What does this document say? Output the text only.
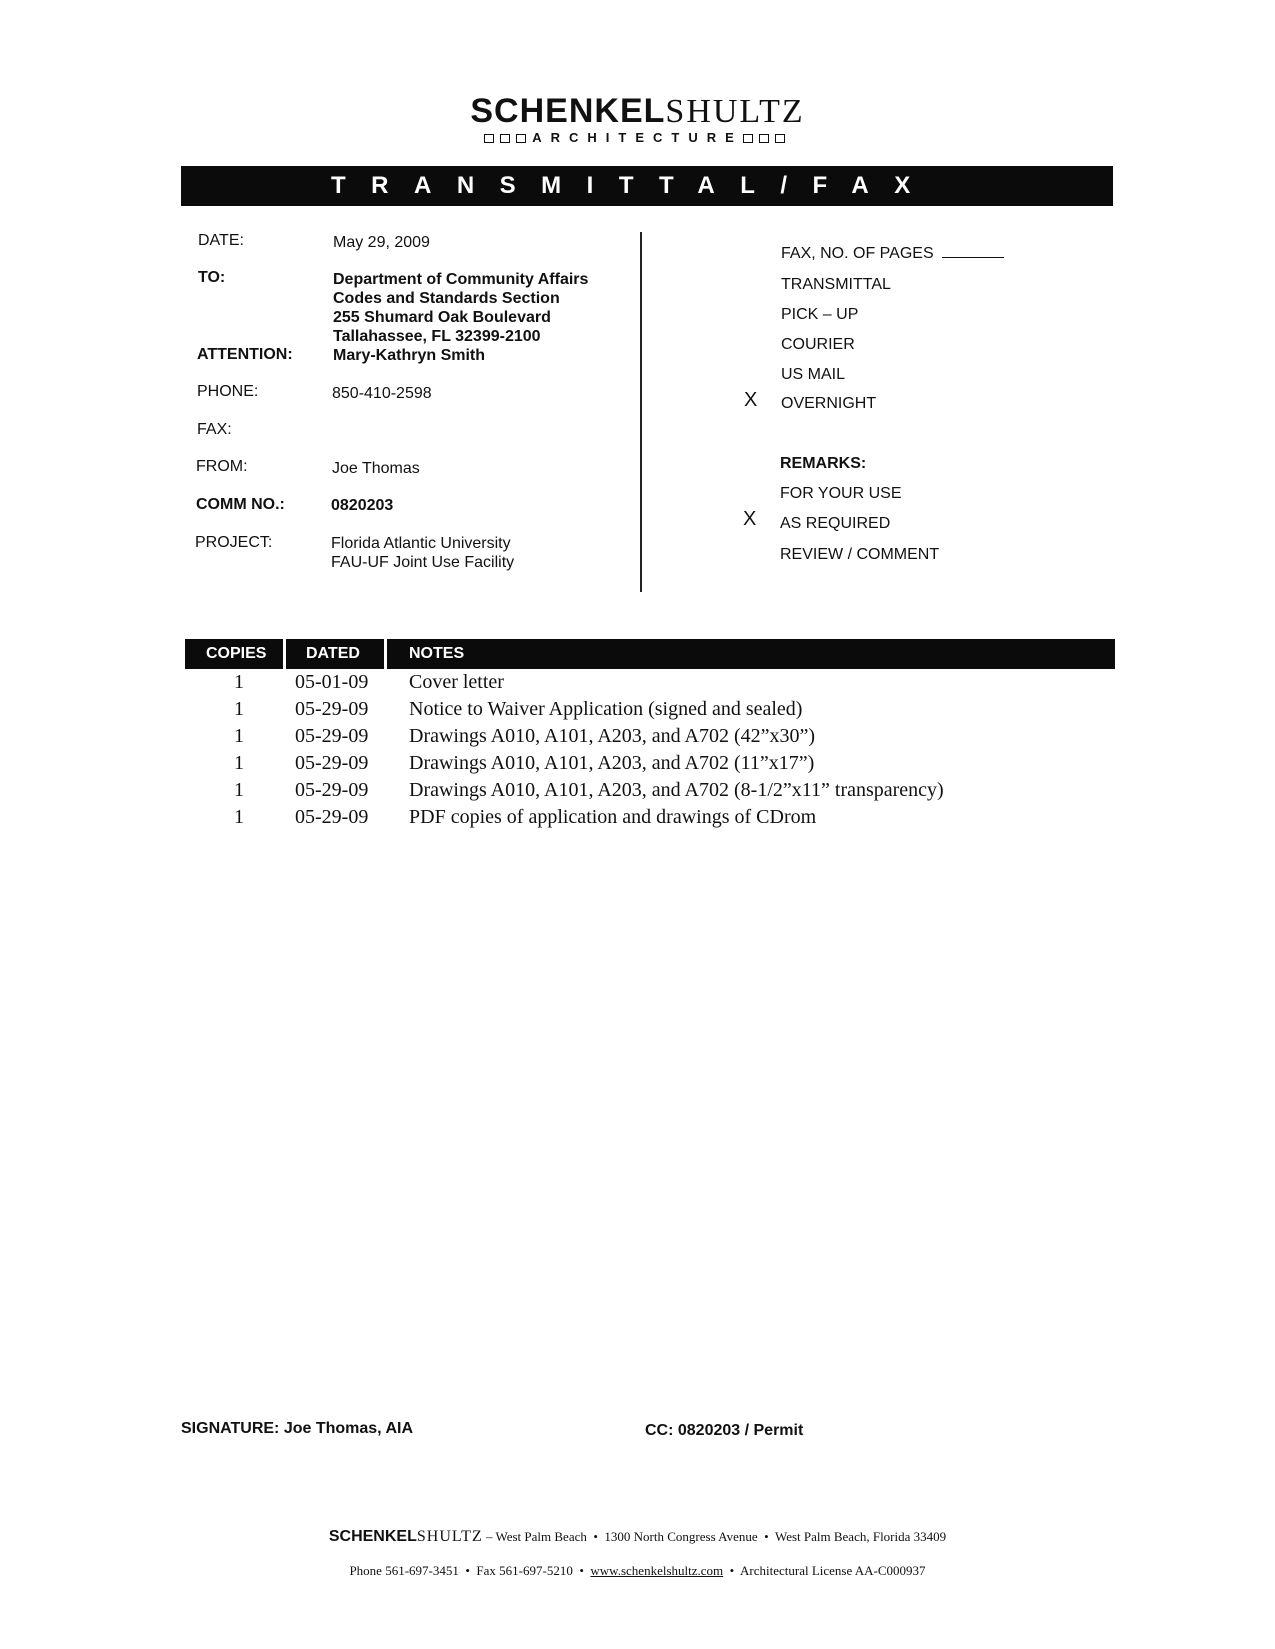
SCHENKELSHULTZ
ARCHITECTURE
TRANSMITTAL/FAX
DATE:	May 29, 2009
TO:	Department of Community Affairs
Codes and Standards Section
255 Shumard Oak Boulevard
Tallahassee, FL 32399-2100
ATTENTION:	Mary-Kathryn Smith
PHONE:	850-410-2598
FAX:
FROM:	Joe Thomas
COMM NO.:	0820203
PROJECT:	Florida Atlantic University
FAU-UF Joint Use Facility
FAX, NO. OF PAGES
TRANSMITTAL
PICK – UP
COURIER
US MAIL
X OVERNIGHT
REMARKS:
FOR YOUR USE
X AS REQUIRED
REVIEW / COMMENT
COPIES DATED	NOTES
1	05-01-09 Cover letter
1	05-29-09 Notice to Waiver Application (signed and sealed)
1	05-29-09 Drawings A010, A101, A203, and A702 (42”x30”)
1	05-29-09 Drawings A010, A101, A203, and A702 (11”x17”)
1	05-29-09 Drawings A010, A101, A203, and A702 (8-1/2”x11” transparency)
1	05-29-09 PDF copies of application and drawings of CDrom
SIGNATURE: Joe Thomas, AIA	CC: 0820203 / Permit
SCHENKELSHULTZ – West Palm Beach  •  1300 North Congress Avenue  •  West Palm Beach, Florida 33409
Phone 561-697-3451  •  Fax 561-697-5210  •  www.schenkelshultz.com  •  Architectural License AA-C000937
